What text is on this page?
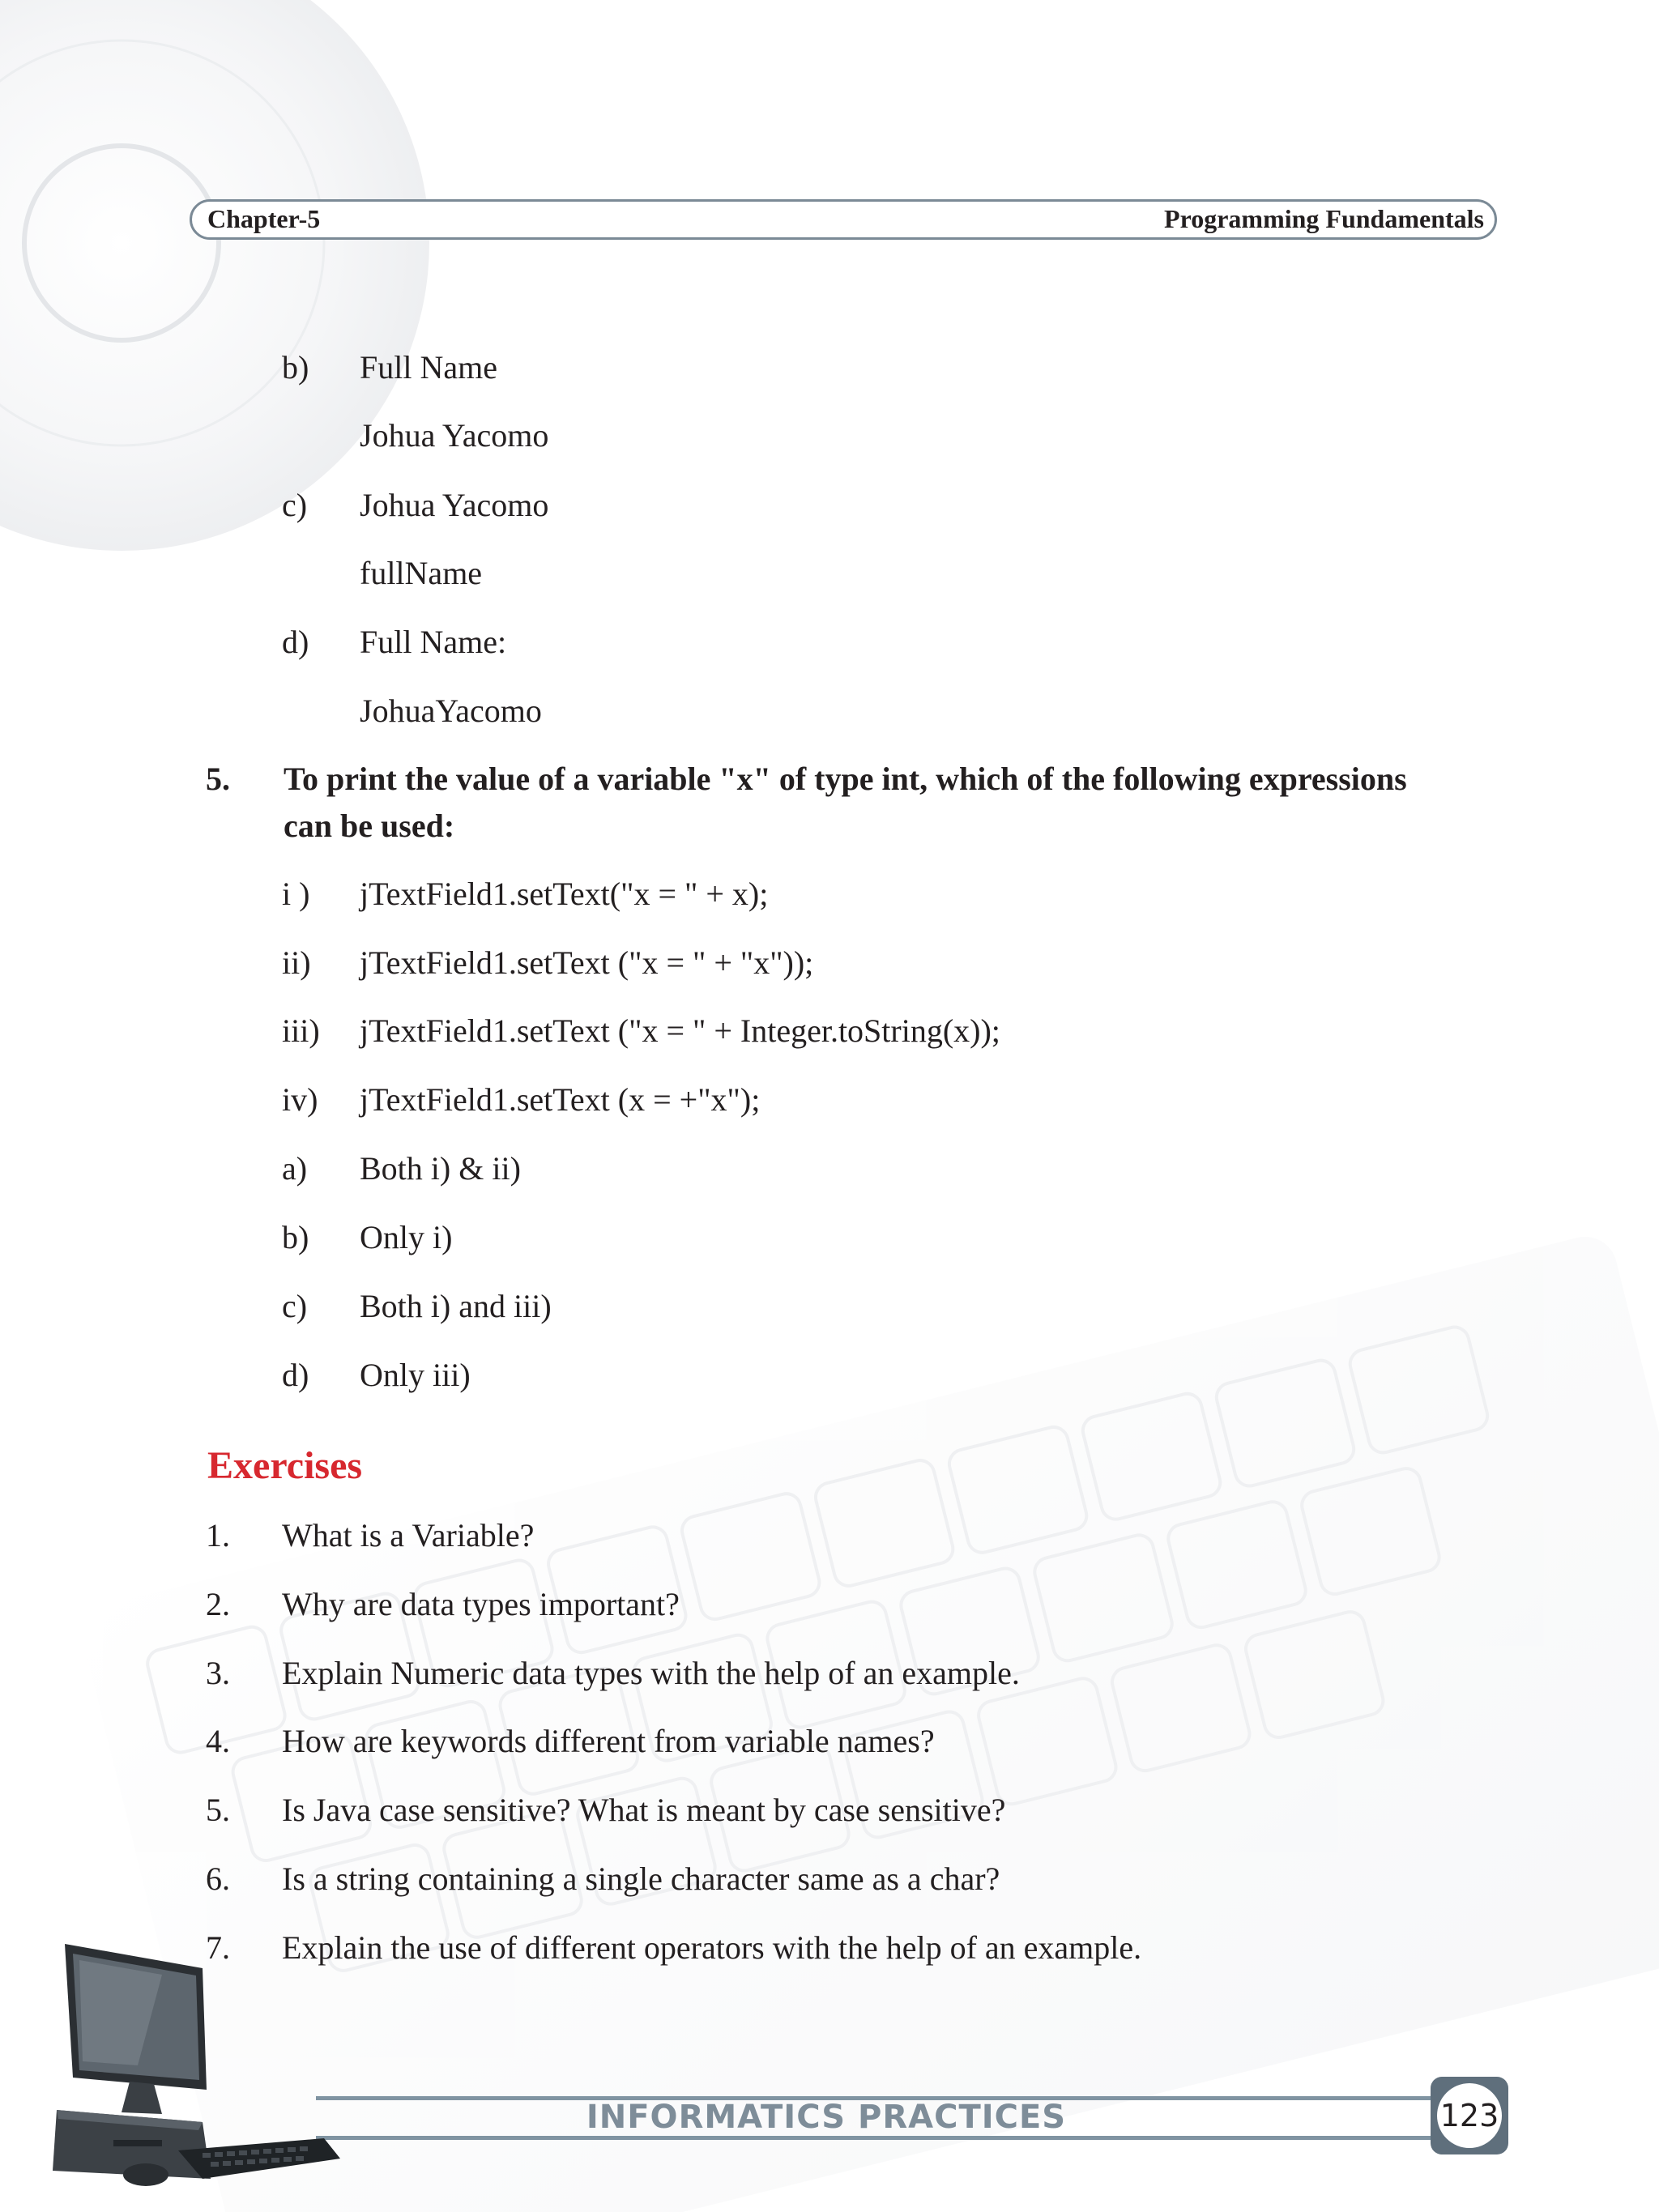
Chapter-5	Programming Fundamentals
b) Full Name
Johua Yacomo
c) Johua Yacomo
fullName
d) Full Name:
JohuaYacomo
5. To print the value of a variable "x" of type int, which of the following expressions
can be used:
i ) jTextField1.setText("x = " + x);
ii) jTextField1.setText ("x = " + "x"));
iii) jTextField1.setText ("x = " + Integer.toString(x));
iv) jTextField1.setText (x = +"x");
a) Both i) & ii)
b) Only i)
c) Both i) and iii)
d) Only iii)
Exercises
1. What is a Variable?
2. Why are data types important?
3. Explain Numeric data types with the help of an example.
4. How are keywords different from variable names?
5. Is Java case sensitive? What is meant by case sensitive?
6. Is a string containing a single character same as a char?
7. Explain the use of different operators with the help of an example.
INFORMATICS PRACTICES	123
